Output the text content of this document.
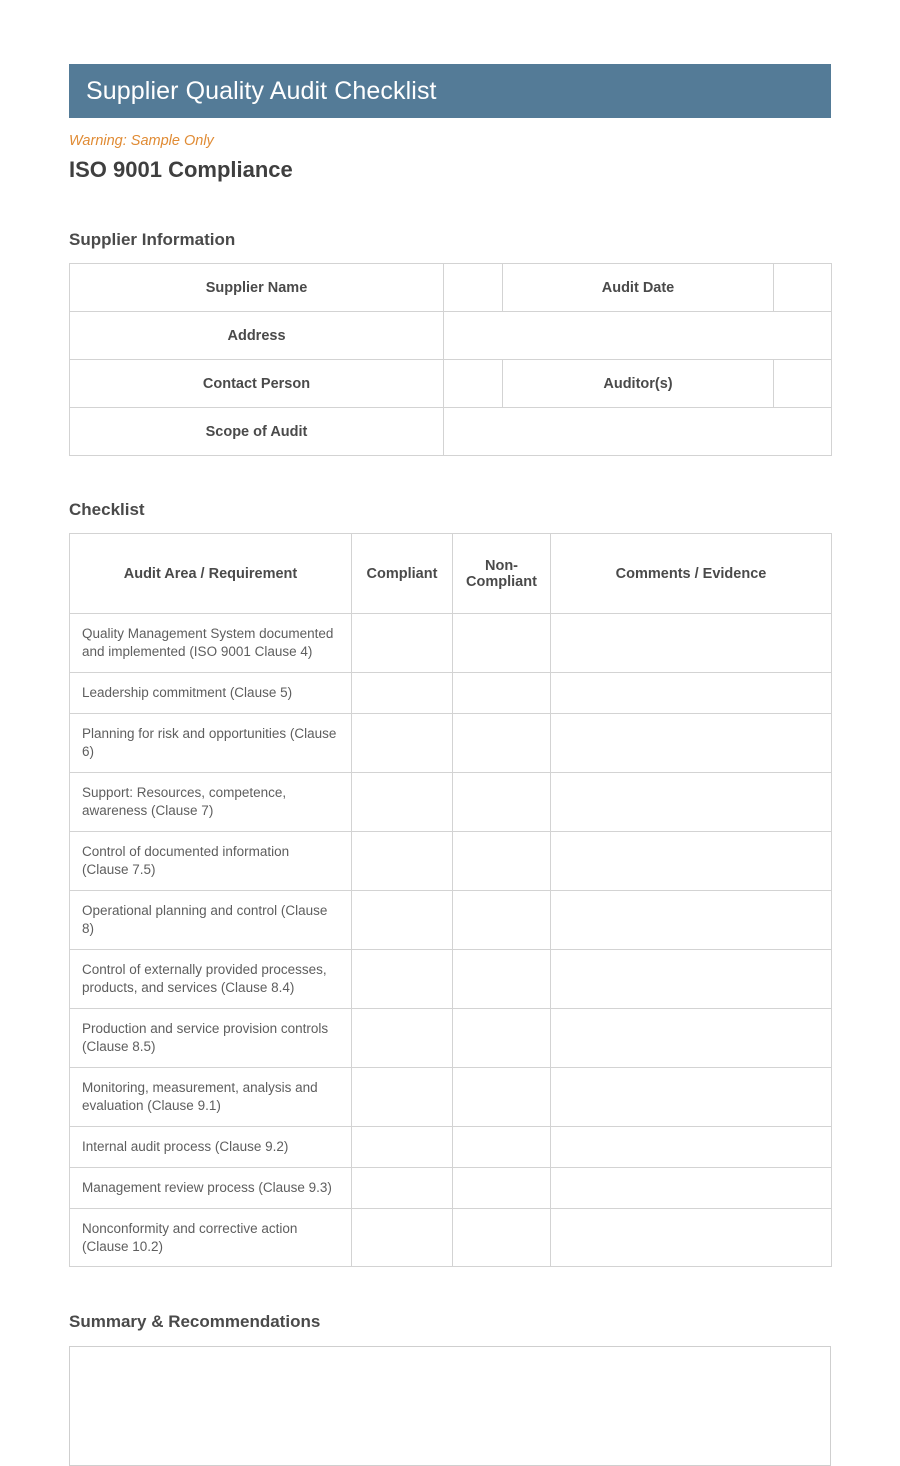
Supplier Quality Audit Checklist
Warning: Sample Only
ISO 9001 Compliance
Supplier Information
Supplier Name		Audit Date	
Address			
Contact Person		Auditor(s)	
Scope of Audit			
Checklist
Audit Area / Requirement	Compliant	Non-Compliant	Comments / Evidence
Quality Management System documented and implemented (ISO 9001 Clause 4)			
Leadership commitment (Clause 5)			
Planning for risk and opportunities (Clause 6)			
Support: Resources, competence, awareness (Clause 7)			
Control of documented information (Clause 7.5)			
Operational planning and control (Clause 8)			
Control of externally provided processes, products, and services (Clause 8.4)			
Production and service provision controls (Clause 8.5)			
Monitoring, measurement, analysis and evaluation (Clause 9.1)			
Internal audit process (Clause 9.2)			
Management review process (Clause 9.3)			
Nonconformity and corrective action (Clause 10.2)			
Summary & Recommendations
